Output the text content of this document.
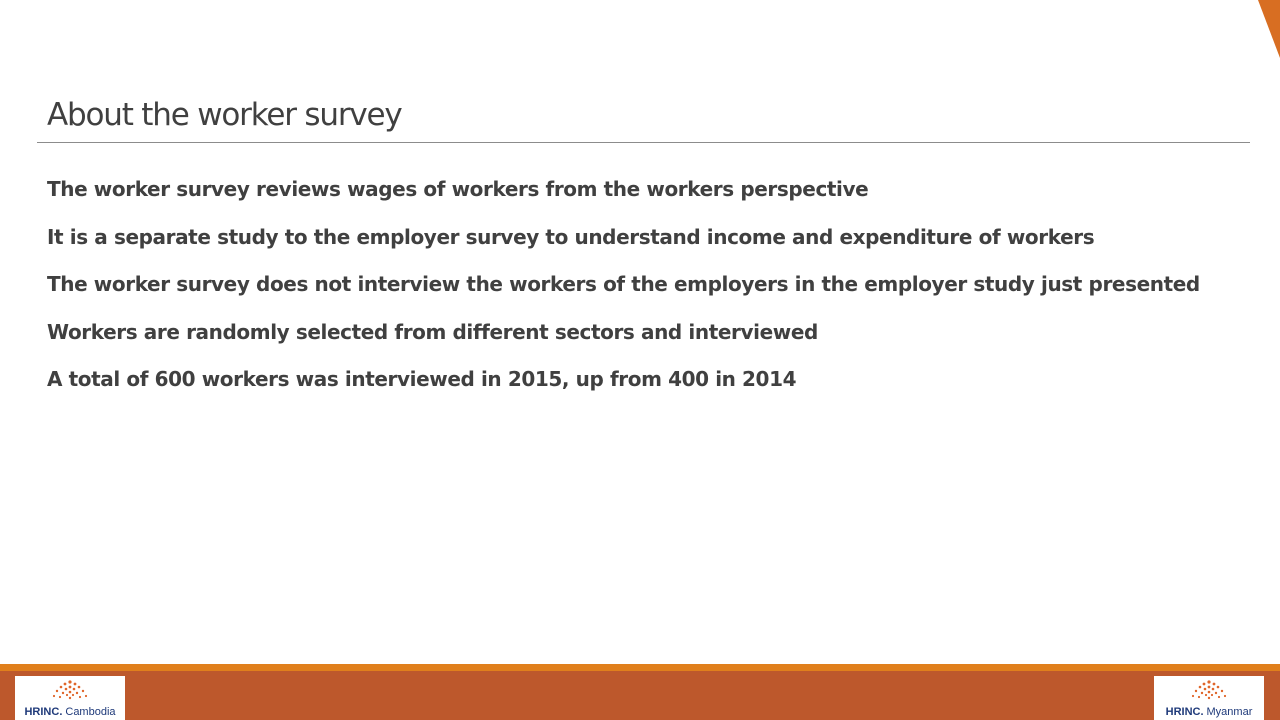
About the worker survey
The worker survey reviews wages of workers from the workers perspective
It is a separate study to the employer survey to understand income and expenditure of workers
The worker survey does not interview the workers of the employers in the employer study just presented
Workers are randomly selected from different sectors and interviewed
A total of 600 workers was interviewed in 2015, up from 400 in 2014
HRINC. Cambodia	HRINC. Myanmar
